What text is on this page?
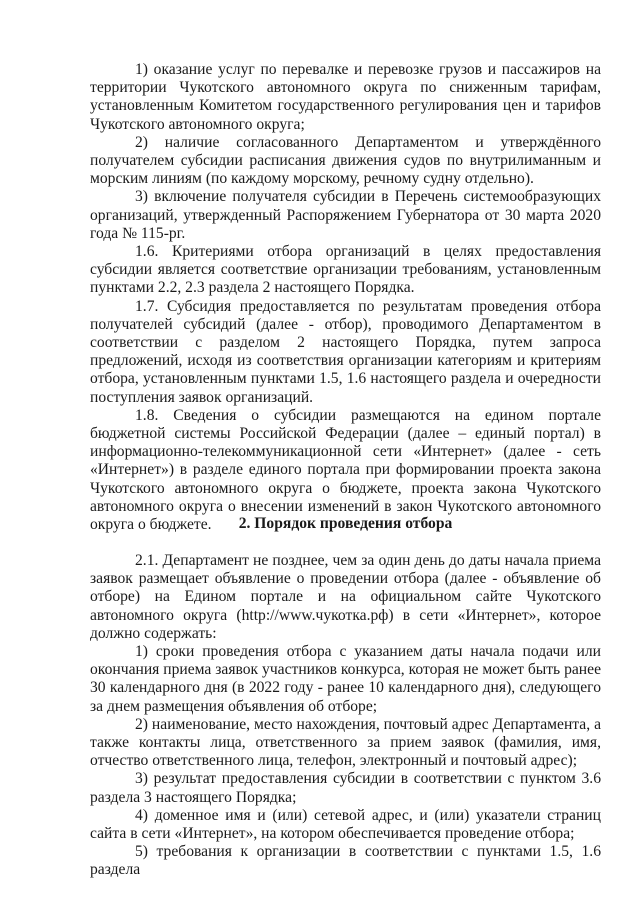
1) оказание услуг по перевалке и перевозке грузов и пассажиров на территории Чукотского автономного округа по сниженным тарифам, установленным Комитетом государственного регулирования цен и тарифов Чукотского автономного округа;

2) наличие согласованного Департаментом и утверждённого получателем субсидии расписания движения судов по внутрилиманным и морским линиям (по каждому морскому, речному судну отдельно).

3) включение получателя субсидии в Перечень системообразующих организаций, утвержденный Распоряжением Губернатора от 30 марта 2020 года № 115-рг.

1.6. Критериями отбора организаций в целях предоставления субсидии является соответствие организации требованиям, установленным пунктами 2.2, 2.3 раздела 2 настоящего Порядка.

1.7. Субсидия предоставляется по результатам проведения отбора получателей субсидий (далее - отбор), проводимого Департаментом в соответствии с разделом 2 настоящего Порядка, путем запроса предложений, исходя из соответствия организации категориям и критериям отбора, установленным пунктами 1.5, 1.6 настоящего раздела и очередности поступления заявок организаций.

1.8. Сведения о субсидии размещаются на едином портале бюджетной системы Российской Федерации (далее – единый портал) в информационно-телекоммуникационной сети «Интернет» (далее - сеть «Интернет») в разделе единого портала при формировании проекта закона Чукотского автономного округа о бюджете, проекта закона Чукотского автономного округа о внесении изменений в закон Чукотского автономного округа о бюджете.	2. Порядок проведения отбора

2.1. Департамент не позднее, чем за один день до даты начала приема заявок размещает объявление о проведении отбора (далее - объявление об отборе) на Едином портале и на официальном сайте Чукотского автономного округа (http://www.чукотка.рф) в сети «Интернет», которое должно содержать:

1) сроки проведения отбора с указанием даты начала подачи или окончания приема заявок участников конкурса, которая не может быть ранее 30 календарного дня (в 2022 году - ранее 10 календарного дня), следующего за днем размещения объявления об отборе;

2) наименование, место нахождения, почтовый адрес Департамента, а также контакты лица, ответственного за прием заявок (фамилия, имя, отчество ответственного лица, телефон, электронный и почтовый адрес);

3) результат предоставления субсидии в соответствии с пунктом 3.6 раздела 3 настоящего Порядка;

4) доменное имя и (или) сетевой адрес, и (или) указатели страниц сайта в сети «Интернет», на котором обеспечивается проведение отбора;

5) требования к организации в соответствии с пунктами 1.5, 1.6 раздела
